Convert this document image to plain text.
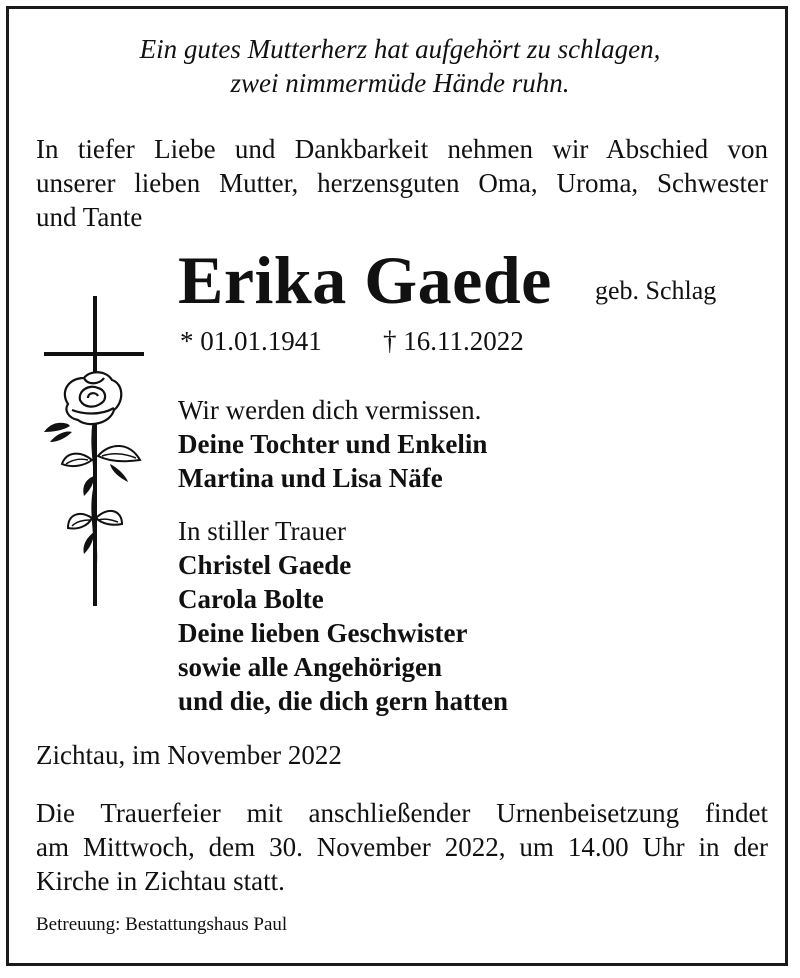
Ein gutes Mutterherz hat aufgehört zu schlagen,
zwei nimmermüde Hände ruhn.
In tiefer Liebe und Dankbarkeit nehmen wir Abschied von
unserer lieben Mutter, herzensguten Oma, Uroma, Schwester
und Tante
Erika Gaede geb. Schlag
* 01.01.1941 † 16.11.2022
Wir werden dich vermissen.
Deine Tochter und Enkelin
Martina und Lisa Näfe
In stiller Trauer
Christel Gaede
Carola Bolte
Deine lieben Geschwister
sowie alle Angehörigen
und die, die dich gern hatten
Zichtau, im November 2022
Die Trauerfeier mit anschließender Urnenbeisetzung findet
am Mittwoch, dem 30. November 2022, um 14.00 Uhr in der
Kirche in Zichtau statt.
Betreuung: Bestattungshaus Paul
